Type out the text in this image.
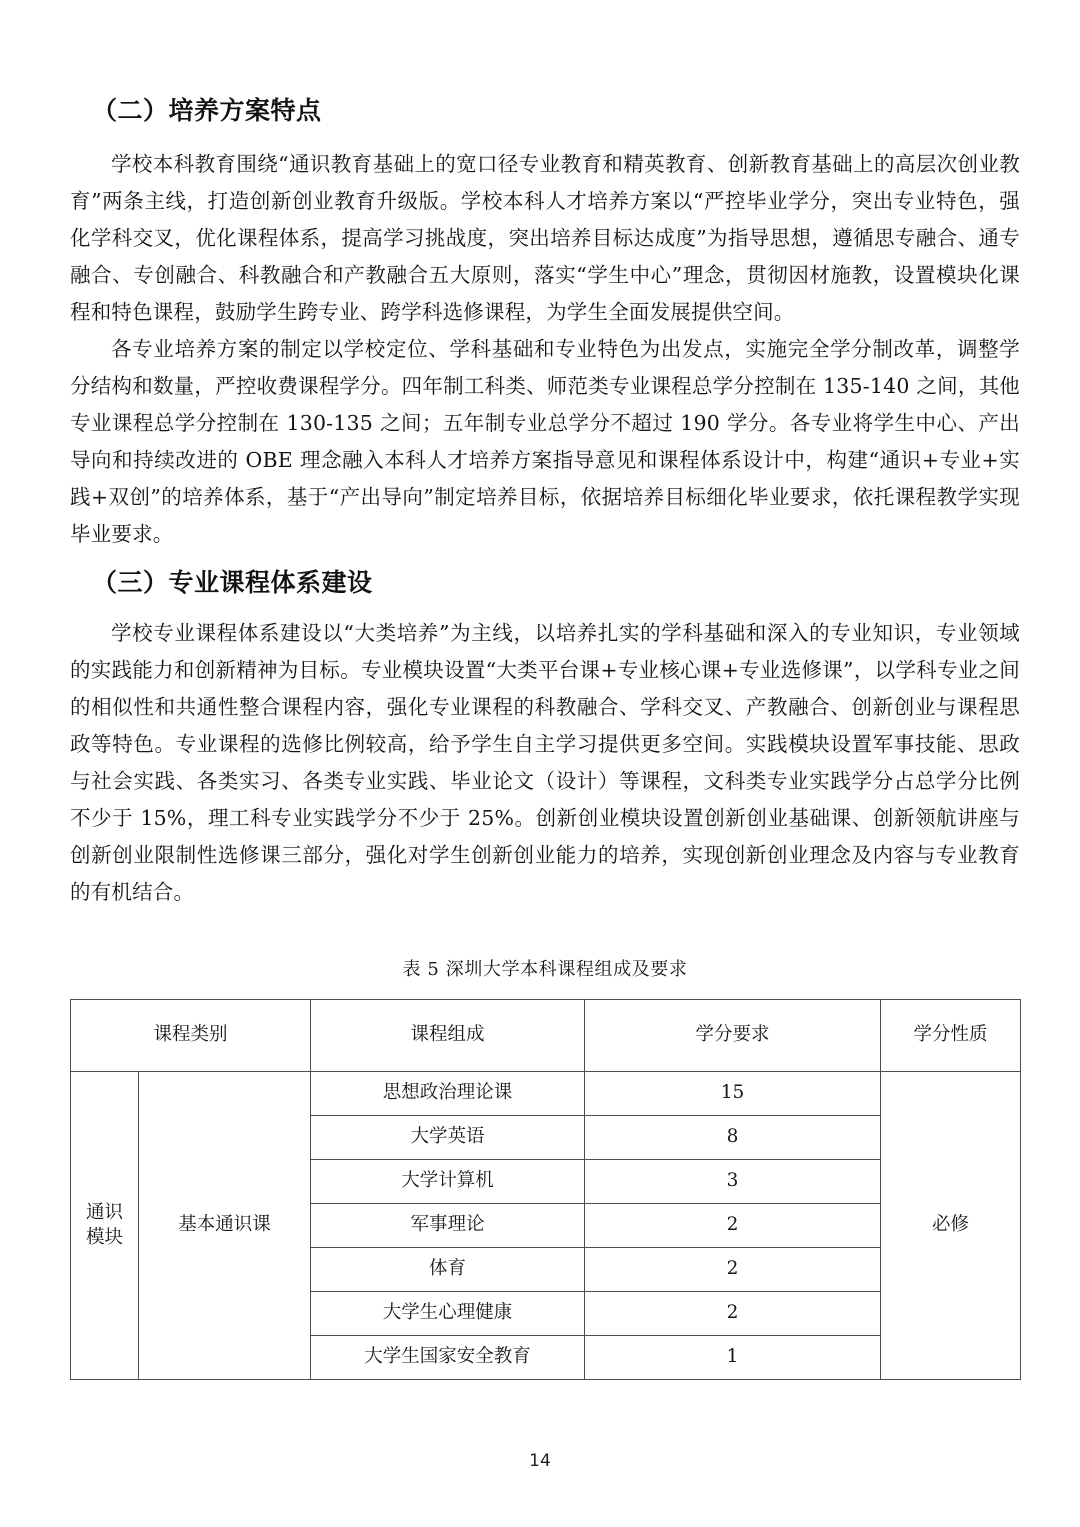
（二）培养方案特点

学校本科教育围绕“通识教育基础上的宽口径专业教育和精英教育、创新教育基础上的高层次创业教育”两条主线，打造创新创业教育升级版。学校本科人才培养方案以“严控毕业学分，突出专业特色，强化学科交叉，优化课程体系，提高学习挑战度，突出培养目标达成度”为指导思想，遵循思专融合、通专融合、专创融合、科教融合和产教融合五大原则，落实“学生中心”理念，贯彻因材施教，设置模块化课程和特色课程，鼓励学生跨专业、跨学科选修课程，为学生全面发展提供空间。

各专业培养方案的制定以学校定位、学科基础和专业特色为出发点，实施完全学分制改革，调整学分结构和数量，严控收费课程学分。四年制工科类、师范类专业课程总学分控制在 135-140 之间，其他专业课程总学分控制在 130-135 之间；五年制专业总学分不超过 190 学分。各专业将学生中心、产出导向和持续改进的 OBE 理念融入本科人才培养方案指导意见和课程体系设计中，构建“通识+专业+实践+双创”的培养体系，基于“产出导向”制定培养目标，依据培养目标细化毕业要求，依托课程教学实现毕业要求。

（三）专业课程体系建设

学校专业课程体系建设以“大类培养”为主线，以培养扎实的学科基础和深入的专业知识，专业领域的实践能力和创新精神为目标。专业模块设置“大类平台课+专业核心课+专业选修课”，以学科专业之间的相似性和共通性整合课程内容，强化专业课程的科教融合、学科交叉、产教融合、创新创业与课程思政等特色。专业课程的选修比例较高，给予学生自主学习提供更多空间。实践模块设置军事技能、思政与社会实践、各类实习、各类专业实践、毕业论文（设计）等课程，文科类专业实践学分占总学分比例不少于 15%，理工科专业实践学分不少于 25%。创新创业模块设置创新创业基础课、创新领航讲座与创新创业限制性选修课三部分，强化对学生创新创业能力的培养，实现创新创业理念及内容与专业教育的有机结合。

表 5 深圳大学本科课程组成及要求
课程类别		课程组成	学分要求	学分性质
通识
模块	基本通识课	思想政治理论课	15	必修
		大学英语	8	
		大学计算机	3	
		军事理论	2	
		体育	2	
		大学生心理健康	2	
		大学生国家安全教育	1	
14
